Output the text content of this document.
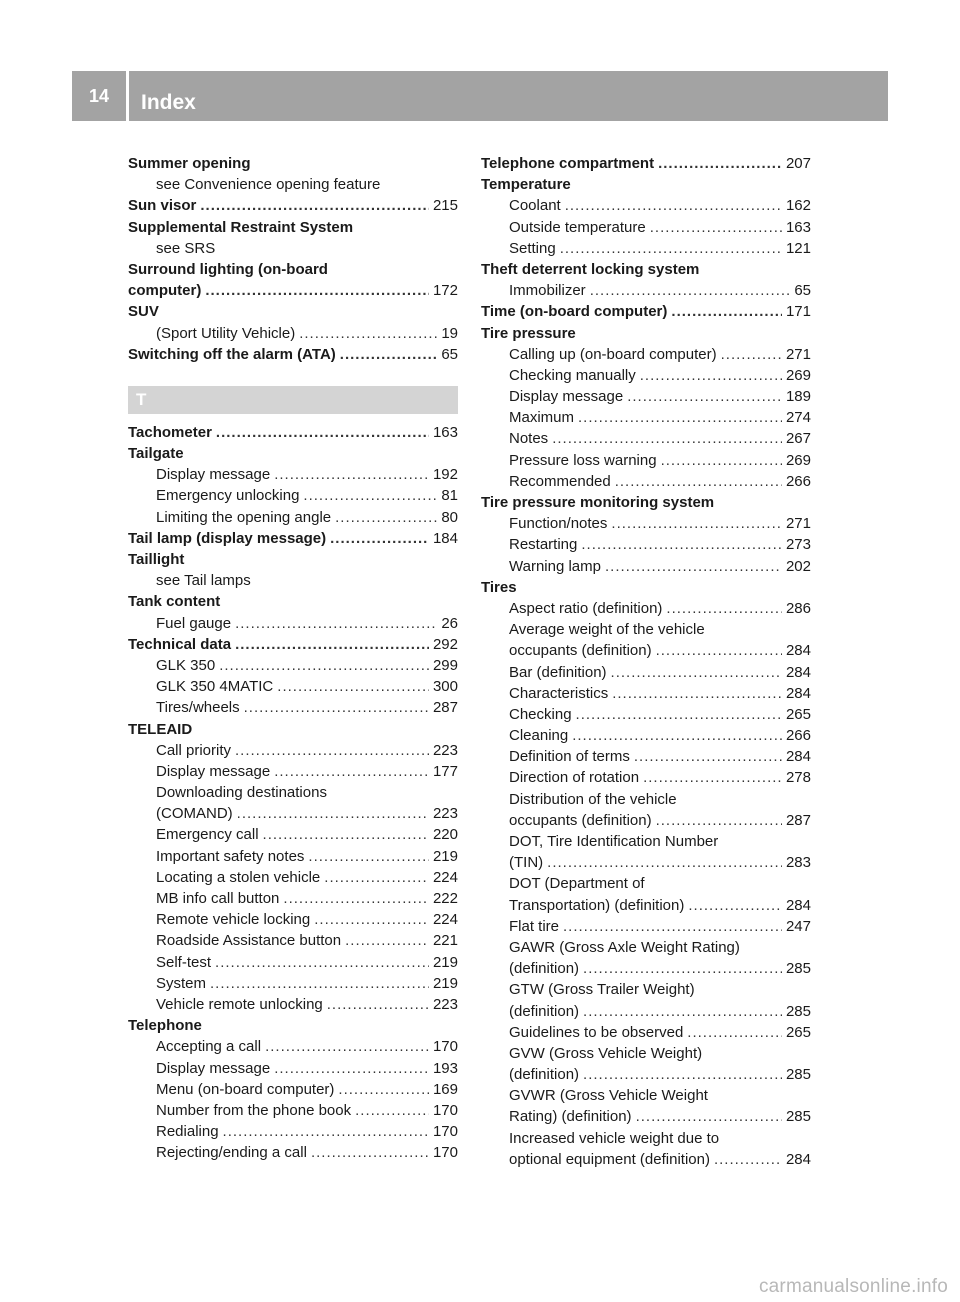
14	Index
Summer opening
see Convenience opening feature
Sun visor .....	215
Supplemental Restraint System
see SRS
Surround lighting (on-board
computer) .....	172
SUV
(Sport Utility Vehicle) .....	19
Switching off the alarm (ATA) .....	65
T
Tachometer .....	163
Tailgate
Display message .....	192
Emergency unlocking .....	81
Limiting the opening angle .....	80
Tail lamp (display message) .....	184
Taillight
see Tail lamps
Tank content
Fuel gauge .....	26
Technical data .....	292
GLK 350 .....	299
GLK 350 4MATIC .....	300
Tires/wheels .....	287
TELEAID
Call priority .....	223
Display message .....	177
Downloading destinations
(COMAND) .....	223
Emergency call .....	220
Important safety notes .....	219
Locating a stolen vehicle .....	224
MB info call button .....	222
Remote vehicle locking .....	224
Roadside Assistance button .....	221
Self-test .....	219
System .....	219
Vehicle remote unlocking .....	223
Telephone
Accepting a call .....	170
Display message .....	193
Menu (on-board computer) .....	169
Number from the phone book .....	170
Redialing .....	170
Rejecting/ending a call .....	170
Telephone compartment .....	207
Temperature
Coolant .....	162
Outside temperature .....	163
Setting .....	121
Theft deterrent locking system
Immobilizer .....	65
Time (on-board computer) .....	171
Tire pressure
Calling up (on-board computer) .....	271
Checking manually .....	269
Display message .....	189
Maximum .....	274
Notes .....	267
Pressure loss warning .....	269
Recommended .....	266
Tire pressure monitoring system
Function/notes .....	271
Restarting .....	273
Warning lamp .....	202
Tires
Aspect ratio (definition) .....	286
Average weight of the vehicle
occupants (definition) .....	284
Bar (definition) .....	284
Characteristics .....	284
Checking .....	265
Cleaning .....	266
Definition of terms .....	284
Direction of rotation .....	278
Distribution of the vehicle
occupants (definition) .....	287
DOT, Tire Identification Number
(TIN) .....	283
DOT (Department of
Transportation) (definition) .....	284
Flat tire .....	247
GAWR (Gross Axle Weight Rating)
(definition) .....	285
GTW (Gross Trailer Weight)
(definition) .....	285
Guidelines to be observed .....	265
GVW (Gross Vehicle Weight)
(definition) .....	285
GVWR (Gross Vehicle Weight
Rating) (definition) .....	285
Increased vehicle weight due to
optional equipment (definition) .....	284
carmanualsonline.info
